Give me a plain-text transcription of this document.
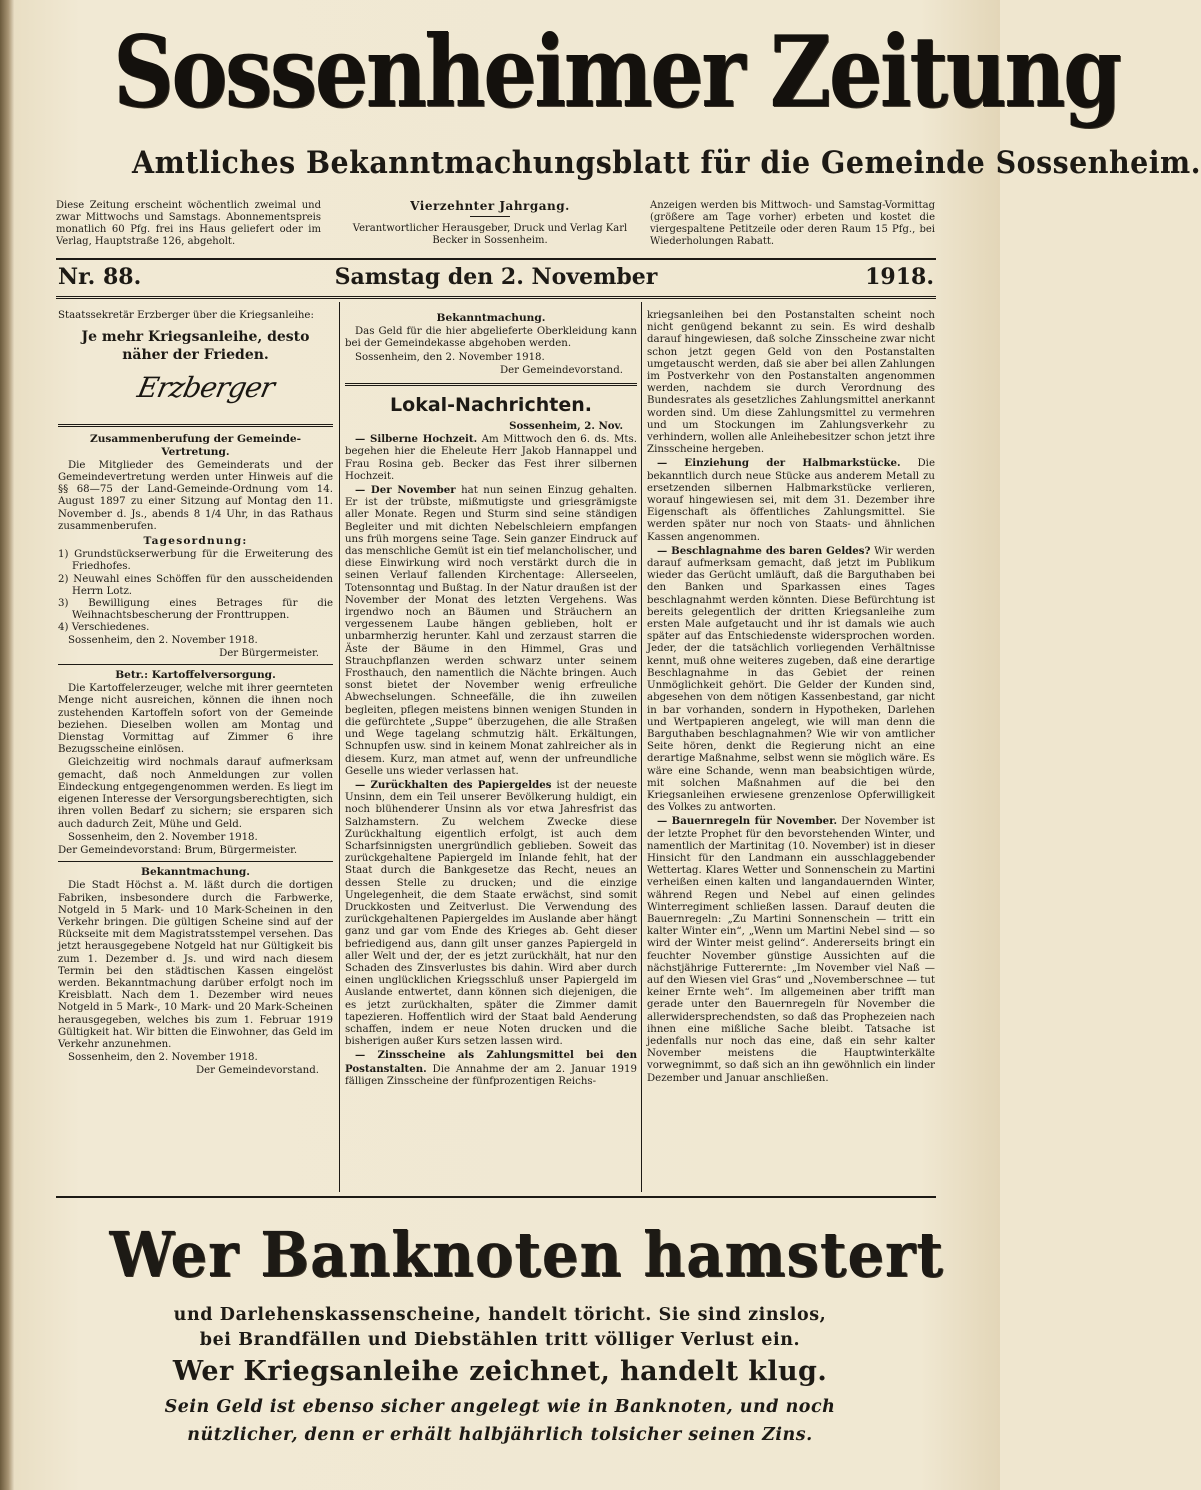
Sossenheimer Zeitung
Amtliches Bekanntmachungsblatt für die Gemeinde Sossenheim.
Diese Zeitung erscheint wöchentlich zweimal und zwar Mittwochs und Samstags. Abonnementspreis monatlich 60 Pfg. frei ins Haus geliefert oder im Verlag, Hauptstraße 126, abgeholt.
Vierzehnter Jahrgang.
Verantwortlicher Herausgeber, Druck und Verlag Karl Becker in Sossenheim.
Anzeigen werden bis Mittwoch- und Samstag-Vormittag (größere am Tage vorher) erbeten und kostet die viergespaltene Petitzeile oder deren Raum 15 Pfg., bei Wiederholungen Rabatt.
Nr. 88.	Samstag den 2. November	1918.

Staatssekretär Erzberger über die Kriegsanleihe:

Je mehr Kriegsanleihe, desto näher der Frieden.
Erzberger
Zusammenberufung der Gemeinde-Vertretung.

Die Mitglieder des Gemeinderats und der Gemeindevertretung werden unter Hinweis auf die §§ 68—75 der Land-Gemeinde-Ordnung vom 14. August 1897 zu einer Sitzung auf Montag den 11. November d. Js., abends 8 1/4 Uhr, in das Rathaus zusammenberufen.

Tagesordnung:
1) Grundstückserwerbung für die Erweiterung des Friedhofes.
2) Neuwahl eines Schöffen für den ausscheidenden Herrn Lotz.
3) Bewilligung eines Betrages für die Weihnachtsbescherung der Fronttruppen.
4) Verschiedenes.

Sossenheim, den 2. November 1918.

Der Bürgermeister.

Betr.: Kartoffelversorgung.

Die Kartoffelerzeuger, welche mit ihrer geernteten Menge nicht ausreichen, können die ihnen noch zustehenden Kartoffeln sofort von der Gemeinde beziehen. Dieselben wollen am Montag und Dienstag Vormittag auf Zimmer 6 ihre Bezugsscheine einlösen.

Gleichzeitig wird nochmals darauf aufmerksam gemacht, daß noch Anmeldungen zur vollen Eindeckung entgegengenommen werden. Es liegt im eigenen Interesse der Versorgungsberechtigten, sich ihren vollen Bedarf zu sichern; sie ersparen sich auch dadurch Zeit, Mühe und Geld.

Sossenheim, den 2. November 1918.

Der Gemeindevorstand: Brum, Bürgermeister.

Bekanntmachung.

Die Stadt Höchst a. M. läßt durch die dortigen Fabriken, insbesondere durch die Farbwerke, Notgeld in 5 Mark- und 10 Mark-Scheinen in den Verkehr bringen. Die gültigen Scheine sind auf der Rückseite mit dem Magistratsstempel versehen. Das jetzt herausgegebene Notgeld hat nur Gültigkeit bis zum 1. Dezember d. Js. und wird nach diesem Termin bei den städtischen Kassen eingelöst werden. Bekanntmachung darüber erfolgt noch im Kreisblatt. Nach dem 1. Dezember wird neues Notgeld in 5 Mark-, 10 Mark- und 20 Mark-Scheinen herausgegeben, welches bis zum 1. Februar 1919 Gültigkeit hat. Wir bitten die Einwohner, das Geld im Verkehr anzunehmen.

Sossenheim, den 2. November 1918.

Der Gemeindevorstand.

Bekanntmachung.

Das Geld für die hier abgelieferte Oberkleidung kann bei der Gemeindekasse abgehoben werden.

Sossenheim, den 2. November 1918.

Der Gemeindevorstand.

Lokal-Nachrichten.

Sossenheim, 2. Nov.

— Silberne Hochzeit. Am Mittwoch den 6. ds. Mts. begehen hier die Eheleute Herr Jakob Hannappel und Frau Rosina geb. Becker das Fest ihrer silbernen Hochzeit.

— Der November hat nun seinen Einzug gehalten. Er ist der trübste, mißmutigste und griesgrämigste aller Monate. Regen und Sturm sind seine ständigen Begleiter und mit dichten Nebelschleiern empfangen uns früh morgens seine Tage. Sein ganzer Eindruck auf das menschliche Gemüt ist ein tief melancholischer, und diese Einwirkung wird noch verstärkt durch die in seinen Verlauf fallenden Kirchentage: Allerseelen, Totensonntag und Bußtag. In der Natur draußen ist der November der Monat des letzten Vergehens. Was irgendwo noch an Bäumen und Sträuchern an vergessenem Laube hängen geblieben, holt er unbarmherzig herunter. Kahl und zerzaust starren die Äste der Bäume in den Himmel, Gras und Strauchpflanzen werden schwarz unter seinem Frosthauch, den namentlich die Nächte bringen. Auch sonst bietet der November wenig erfreuliche Abwechselungen. Schneefälle, die ihn zuweilen begleiten, pflegen meistens binnen wenigen Stunden in die gefürchtete „Suppe“ überzugehen, die alle Straßen und Wege tagelang schmutzig hält. Erkältungen, Schnupfen usw. sind in keinem Monat zahlreicher als in diesem. Kurz, man atmet auf, wenn der unfreundliche Geselle uns wieder verlassen hat.

— Zurückhalten des Papiergeldes ist der neueste Unsinn, dem ein Teil unserer Bevölkerung huldigt, ein noch blühenderer Unsinn als vor etwa Jahresfrist das Salzhamstern. Zu welchem Zwecke diese Zurückhaltung eigentlich erfolgt, ist auch dem Scharfsinnigsten unergründlich geblieben. Soweit das zurückgehaltene Papiergeld im Inlande fehlt, hat der Staat durch die Bankgesetze das Recht, neues an dessen Stelle zu drucken; und die einzige Ungelegenheit, die dem Staate erwächst, sind somit Druckkosten und Zeitverlust. Die Verwendung des zurückgehaltenen Papiergeldes im Auslande aber hängt ganz und gar vom Ende des Krieges ab. Geht dieser befriedigend aus, dann gilt unser ganzes Papiergeld in aller Welt und der, der es jetzt zurückhält, hat nur den Schaden des Zinsverlustes bis dahin. Wird aber durch einen unglücklichen Kriegsschluß unser Papiergeld im Auslande entwertet, dann können sich diejenigen, die es jetzt zurückhalten, später die Zimmer damit tapezieren. Hoffentlich wird der Staat bald Aenderung schaffen, indem er neue Noten drucken und die bisherigen außer Kurs setzen lassen wird.

— Zinsscheine als Zahlungsmittel bei den Postanstalten. Die Annahme der am 2. Januar 1919 fälligen Zinsscheine der fünfprozentigen Reichs-

kriegsanleihen bei den Postanstalten scheint noch nicht genügend bekannt zu sein. Es wird deshalb darauf hingewiesen, daß solche Zinsscheine zwar nicht schon jetzt gegen Geld von den Postanstalten umgetauscht werden, daß sie aber bei allen Zahlungen im Postverkehr von den Postanstalten angenommen werden, nachdem sie durch Verordnung des Bundesrates als gesetzliches Zahlungsmittel anerkannt worden sind. Um diese Zahlungsmittel zu vermehren und um Stockungen im Zahlungsverkehr zu verhindern, wollen alle Anleihebesitzer schon jetzt ihre Zinsscheine hergeben.

— Einziehung der Halbmarkstücke. Die bekanntlich durch neue Stücke aus anderem Metall zu ersetzenden silbernen Halbmarkstücke verlieren, worauf hingewiesen sei, mit dem 31. Dezember ihre Eigenschaft als öffentliches Zahlungsmittel. Sie werden später nur noch von Staats- und ähnlichen Kassen angenommen.

— Beschlagnahme des baren Geldes? Wir werden darauf aufmerksam gemacht, daß jetzt im Publikum wieder das Gerücht umläuft, daß die Barguthaben bei den Banken und Sparkassen eines Tages beschlagnahmt werden könnten. Diese Befürchtung ist bereits gelegentlich der dritten Kriegsanleihe zum ersten Male aufgetaucht und ihr ist damals wie auch später auf das Entschiedenste widersprochen worden. Jeder, der die tatsächlich vorliegenden Verhältnisse kennt, muß ohne weiteres zugeben, daß eine derartige Beschlagnahme in das Gebiet der reinen Unmöglichkeit gehört. Die Gelder der Kunden sind, abgesehen von dem nötigen Kassenbestand, gar nicht in bar vorhanden, sondern in Hypotheken, Darlehen und Wertpapieren angelegt, wie will man denn die Barguthaben beschlagnahmen? Wie wir von amtlicher Seite hören, denkt die Regierung nicht an eine derartige Maßnahme, selbst wenn sie möglich wäre. Es wäre eine Schande, wenn man beabsichtigen würde, mit solchen Maßnahmen auf die bei den Kriegsanleihen erwiesene grenzenlose Opferwilligkeit des Volkes zu antworten.

— Bauernregeln für November. Der November ist der letzte Prophet für den bevorstehenden Winter, und namentlich der Martinitag (10. November) ist in dieser Hinsicht für den Landmann ein ausschlaggebender Wettertag. Klares Wetter und Sonnenschein zu Martini verheißen einen kalten und langandauernden Winter, während Regen und Nebel auf einen gelindes Winterregiment schließen lassen. Darauf deuten die Bauernregeln: „Zu Martini Sonnenschein — tritt ein kalter Winter ein“, „Wenn um Martini Nebel sind — so wird der Winter meist gelind“. Andererseits bringt ein feuchter November günstige Aussichten auf die nächstjährige Futterernte: „Im November viel Naß — auf den Wiesen viel Gras“ und „Novemberschnee — tut keiner Ernte weh“. Im allgemeinen aber trifft man gerade unter den Bauernregeln für November die allerwidersprechendsten, so daß das Prophezeien nach ihnen eine mißliche Sache bleibt. Tatsache ist jedenfalls nur noch das eine, daß ein sehr kalter November meistens die Hauptwinterkälte vorwegnimmt, so daß sich an ihn gewöhnlich ein linder Dezember und Januar anschließen.

Wer Banknoten hamstert
und Darlehenskassenscheine, handelt töricht. Sie sind zinslos,
bei Brandfällen und Diebstählen tritt völliger Verlust ein.
Wer Kriegsanleihe zeichnet, handelt klug.
Sein Geld ist ebenso sicher angelegt wie in Banknoten, und noch
nützlicher, denn er erhält halbjährlich tolsicher seinen Zins.
